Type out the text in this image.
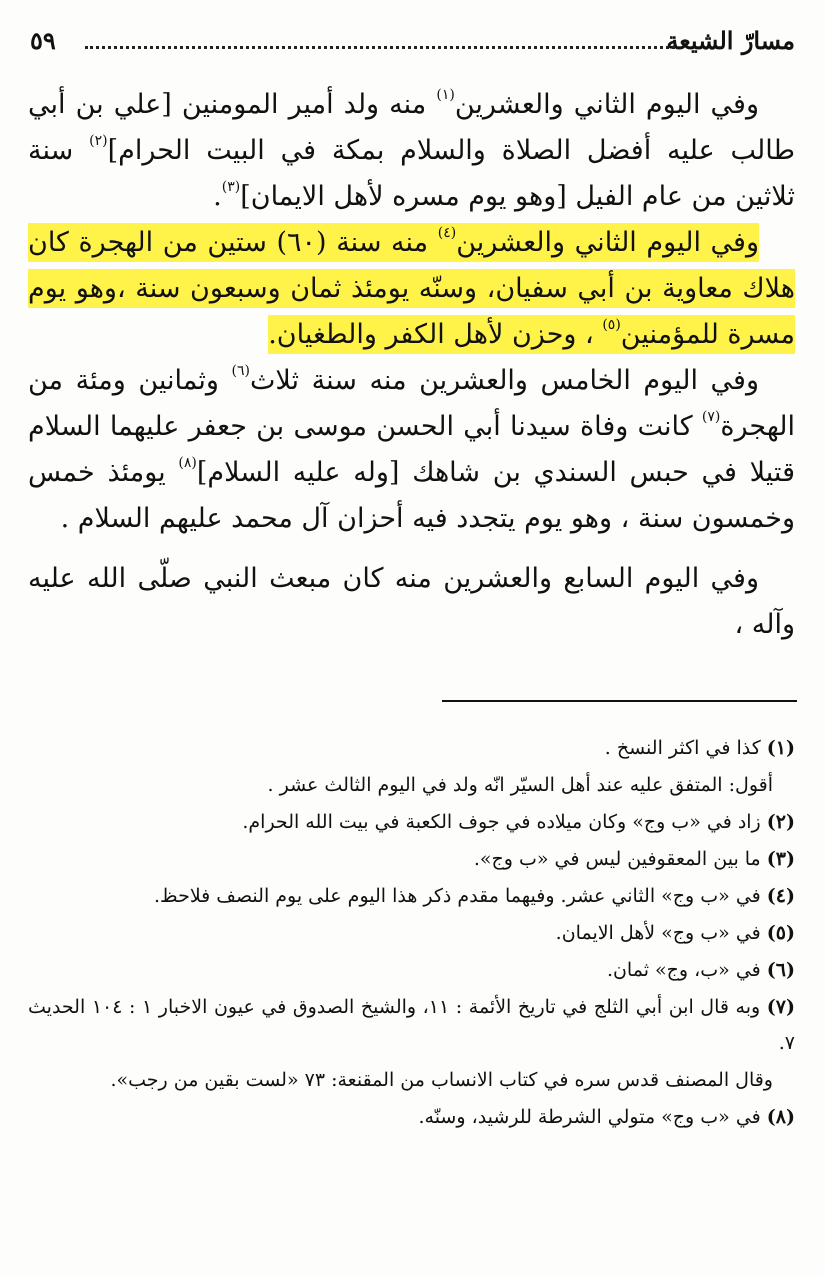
مسارّ الشيعة
٥٩

وفي اليوم الثاني والعشرين$^{(١)}$ منه ولد أمير المومنين [علي بن أبي طالب عليه أفضل الصلاة والسلام بمكة في البيت الحرام]$^{(٢)}$ سنة ثلاثين من عام الفيل [وهو يوم مسره لأهل الايمان]$^{(٣)}$.

وفي اليوم الثاني والعشرين$^{(٤)}$ منه سنة (٦٠) ستين من الهجرة كان هلاك معاوية بن أبي سفيان، وسنّه يومئذ ثمان وسبعون سنة ،وهو يوم مسرة للمؤمنين$^{(٥)}$ ، وحزن لأهل الكفر والطغيان.

وفي اليوم الخامس والعشرين منه سنة ثلاث$^{(٦)}$ وثمانين ومئة من الهجرة$^{(٧)}$ كانت وفاة سيدنا أبي الحسن موسى بن جعفر عليهما السلام قتيلا في حبس السندي بن شاهك [وله عليه السلام]$^{(٨)}$ يومئذ خمس وخمسون سنة ، وهو يوم يتجدد فيه أحزان آل محمد عليهم السلام .

وفي اليوم السابع والعشرين منه كان مبعث النبي صلّى الله عليه وآله ،

(١) كذا في اكثر النسخ .

أقول: المتفق عليه عند أهل السيّر انّه ولد في اليوم الثالث عشر .

(٢) زاد في «ب وج» وكان ميلاده في جوف الكعبة في بيت الله الحرام.

(٣) ما بين المعقوفين ليس في «ب وج».

(٤) في «ب وج» الثاني عشر. وفيهما مقدم ذكر هذا اليوم على يوم النصف فلاحظ.

(٥) في «ب وج» لأهل الايمان.

(٦) في «ب، وج» ثمان.

(٧) وبه قال ابن أبي الثلج في تاريخ الأئمة : ١١، والشيخ الصدوق في عيون الاخبار ١ : ١٠٤ الحديث ٧.

وقال المصنف قدس سره في كتاب الانساب من المقنعة: ٧٣ «لست بقين من رجب».

(٨) في «ب وج» متولي الشرطة للرشيد، وسنّه.
